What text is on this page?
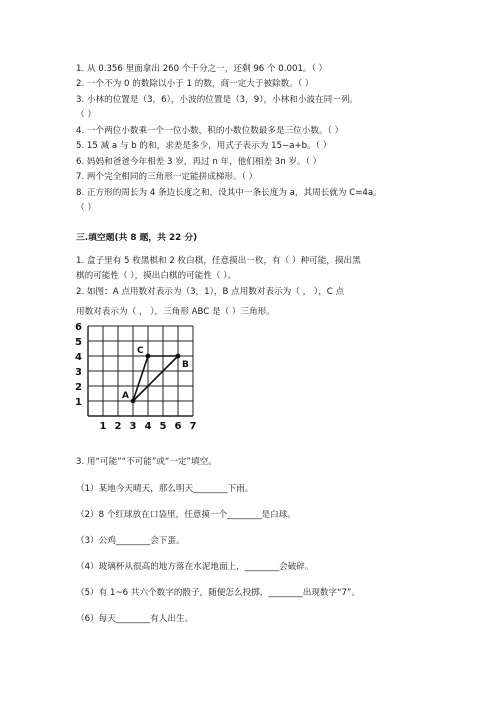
1. 从 0.356 里面拿出 260 个千分之一，还剩 96 个 0.001。（ ）
2. 一个不为 0 的数除以小于 1 的数，商一定大于被除数。（ ）
3. 小林的位置是（3，6），小波的位置是（3，9），小林和小波在同一列。
（ ）
4. 一个两位小数乘一个一位小数，积的小数位数最多是三位小数。（ ）
5. 15 减 a 与 b 的和，求差是多少，用式子表示为 15−a+b。（ ）
6. 妈妈和爸爸今年相差 3 岁，再过 n 年，他们相差 3n 岁。（ ）
7. 两个完全相同的三角形一定能拼成梯形。（ ）
8. 正方形的周长为 4 条边长度之和，设其中一条长度为 a，其周长就为 C=4a。
（ ）
三.填空题(共 8 题，共 22 分)
1. 盒子里有 5 枚黑棋和 2 枚白棋，任意摸出一枚，有（ ）种可能，摸出黑
棋的可能性（ ），摸出白棋的可能性（ ）。
2. 如图：A 点用数对表示为（3，1），B 点用数对表示为（ ， ），C 点
用数对表示为（ ， ），三角形 ABC 是（ ）三角形。
1 2 3 4 5 6 7
1
2
3
4
5
6
A
B
C
3. 用“可能”“不可能”或“一定”填空。
（1）某地今天晴天，那么明天________下雨。
（2）8 个红球放在口袋里，任意摸一个________是白球。
（3）公鸡________会下蛋。
（4）玻璃杯从很高的地方落在水泥地面上，________会破碎。
（5）有 1~6 共六个数字的骰子，随便怎么投掷，________出现数字“7”。
（6）每天________有人出生。
